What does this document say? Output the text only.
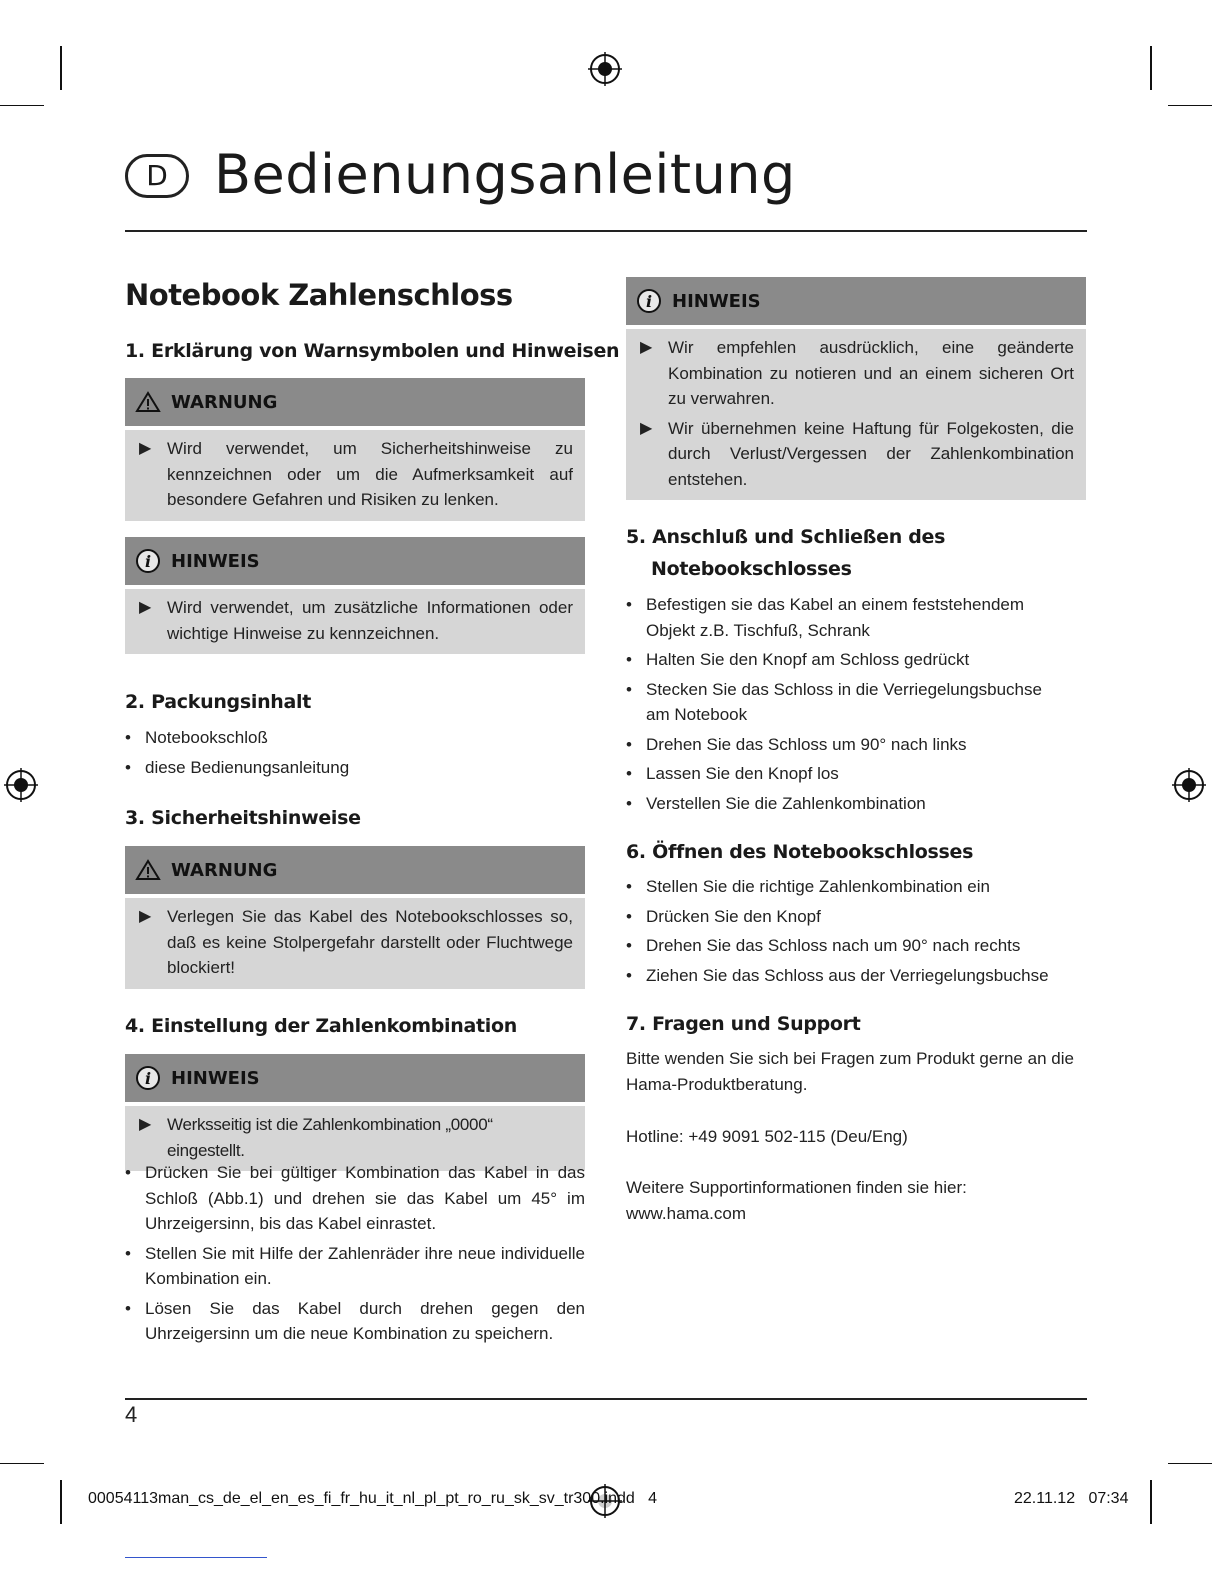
D Bedienungsanleitung
Notebook Zahlenschloss
1. Erklärung von Warnsymbolen und Hinweisen
WARNUNG
▶ Wird verwendet, um Sicherheitshinweise zu kennzeichnen oder um die Aufmerksamkeit auf besondere Gefahren und Risiken zu lenken.
i HINWEIS
▶ Wird verwendet, um zusätzliche Informationen oder wichtige Hinweise zu kennzeichnen.
2. Packungsinhalt
• Notebookschloß
• diese Bedienungsanleitung
3. Sicherheitshinweise
WARNUNG
▶ Verlegen Sie das Kabel des Notebookschlosses so, daß es keine Stolpergefahr darstellt oder Fluchtwege blockiert!
4. Einstellung der Zahlenkombination
i HINWEIS
▶ Werksseitig ist die Zahlenkombination „0000“ eingestellt.
• Drücken Sie bei gültiger Kombination das Kabel in das Schloß (Abb.1) und drehen sie das Kabel um 45° im Uhrzeigersinn, bis das Kabel einrastet.
• Stellen Sie mit Hilfe der Zahlenräder ihre neue individuelle Kombination ein.
• Lösen Sie das Kabel durch drehen gegen den Uhrzeigersinn um die neue Kombination zu speichern.
i HINWEIS
▶ Wir empfehlen ausdrücklich, eine geänderte Kombination zu notieren und an einem sicheren Ort zu verwahren.
▶ Wir übernehmen keine Haftung für Folgekosten, die durch Verlust/Vergessen der Zahlenkombination entstehen.
5. Anschluß und Schließen des
Notebookschlosses
• Befestigen sie das Kabel an einem feststehendem Objekt z.B. Tischfuß, Schrank
• Halten Sie den Knopf am Schloss gedrückt
• Stecken Sie das Schloss in die Verriegelungsbuchse am Notebook
• Drehen Sie das Schloss um 90° nach links
• Lassen Sie den Knopf los
• Verstellen Sie die Zahlenkombination
6. Öffnen des Notebookschlosses
• Stellen Sie die richtige Zahlenkombination ein
• Drücken Sie den Knopf
• Drehen Sie das Schloss nach um 90° nach rechts
• Ziehen Sie das Schloss aus der Verriegelungsbuchse
7. Fragen und Support
Bitte wenden Sie sich bei Fragen zum Produkt gerne an die Hama-Produktberatung.
Hotline: +49 9091 502-115 (Deu/Eng)
Weitere Supportinformationen finden sie hier:
www.hama.com
4
00054113man_cs_de_el_en_es_fi_fr_hu_it_nl_pl_pt_ro_ru_sk_sv_tr300.indd 4	22.11.12 07:34
